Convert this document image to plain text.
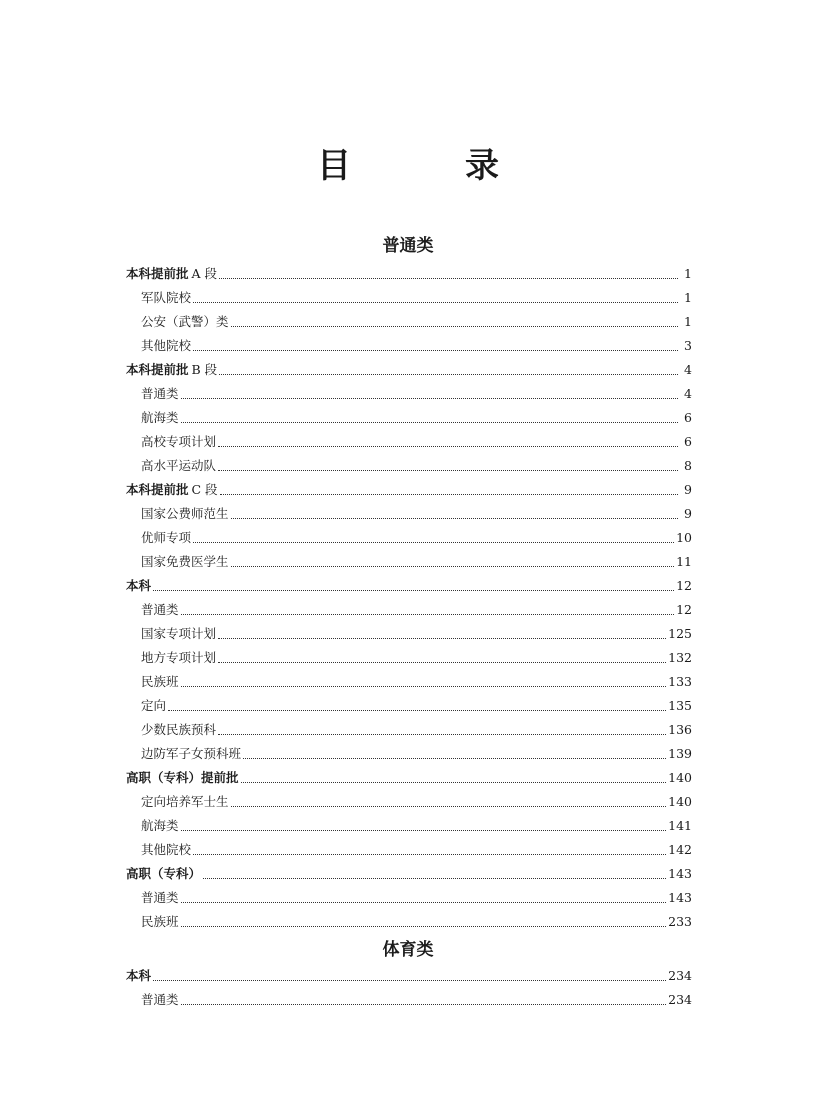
目　录
普通类
本科提前批 A 段	1
军队院校	1
公安（武警）类	1
其他院校	3
本科提前批 B 段	4
普通类	4
航海类	6
高校专项计划	6
高水平运动队	8
本科提前批 C 段	9
国家公费师范生	9
优师专项	10
国家免费医学生	11
本科	12
普通类	12
国家专项计划	125
地方专项计划	132
民族班	133
定向	135
少数民族预科	136
边防军子女预科班	139
高职（专科）提前批	140
定向培养军士生	140
航海类	141
其他院校	142
高职（专科）	143
普通类	143
民族班	233
体育类
本科	234
普通类	234
